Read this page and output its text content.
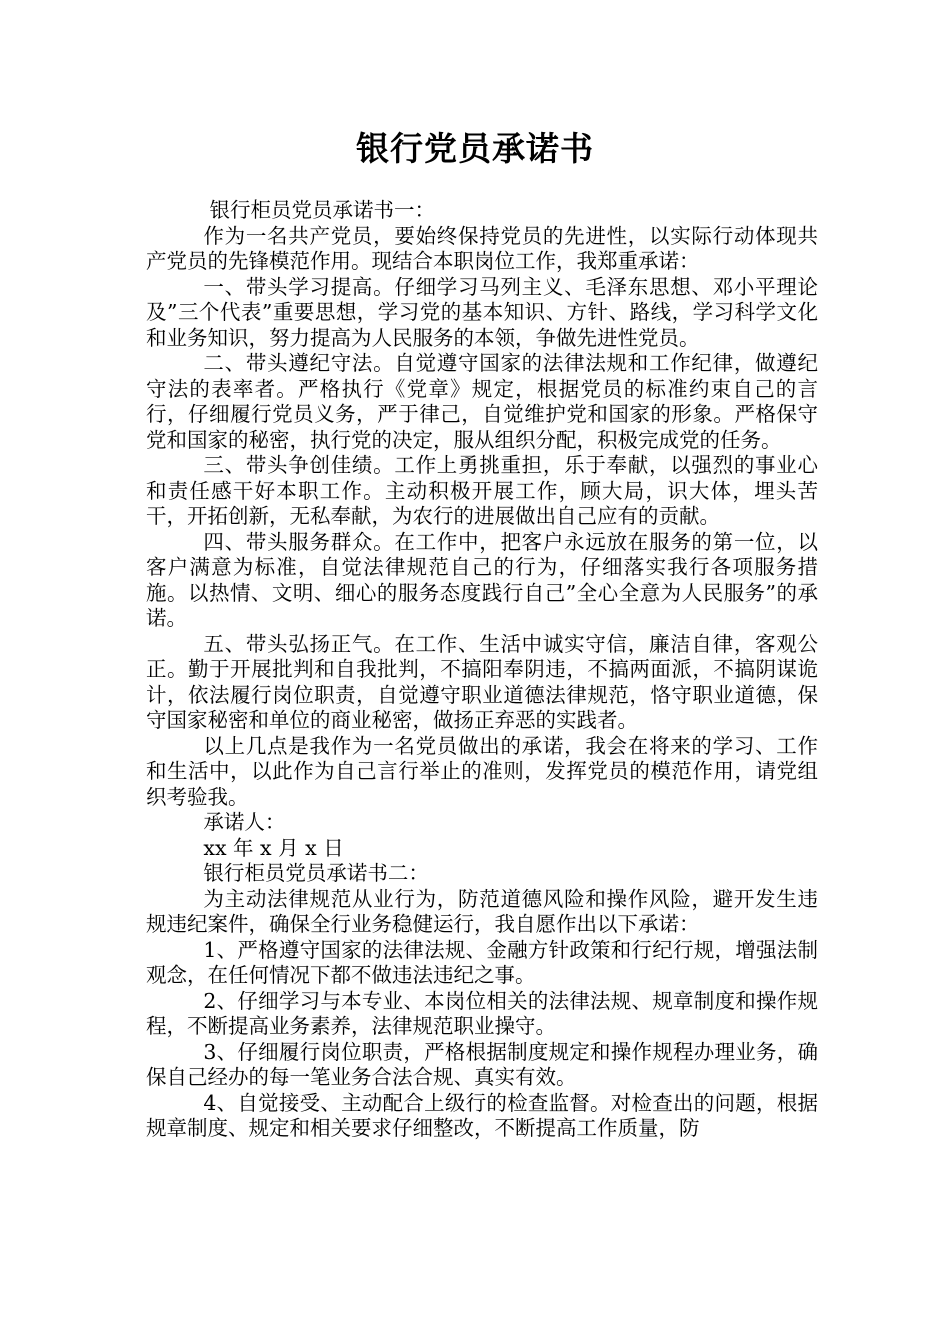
银行党员承诺书

银行柜员党员承诺书一：

作为一名共产党员，要始终保持党员的先进性，以实际行动体现共产党员的先锋模范作用。现结合本职岗位工作，我郑重承诺：

一、带头学习提高。仔细学习马列主义、毛泽东思想、邓小平理论及”三个代表”重要思想，学习党的基本知识、方针、路线，学习科学文化和业务知识，努力提高为人民服务的本领，争做先进性党员。

二、带头遵纪守法。自觉遵守国家的法律法规和工作纪律，做遵纪守法的表率者。严格执行《党章》规定，根据党员的标准约束自己的言行，仔细履行党员义务，严于律己，自觉维护党和国家的形象。严格保守党和国家的秘密，执行党的决定，服从组织分配，积极完成党的任务。

三、带头争创佳绩。工作上勇挑重担，乐于奉献，以强烈的事业心和责任感干好本职工作。主动积极开展工作，顾大局，识大体，埋头苦干，开拓创新，无私奉献，为农行的进展做出自己应有的贡献。

四、带头服务群众。在工作中，把客户永远放在服务的第一位，以客户满意为标准，自觉法律规范自己的行为，仔细落实我行各项服务措施。以热情、文明、细心的服务态度践行自己”全心全意为人民服务”的承诺。

五、带头弘扬正气。在工作、生活中诚实守信，廉洁自律，客观公正。勤于开展批判和自我批判，不搞阳奉阴违，不搞两面派，不搞阴谋诡计，依法履行岗位职责，自觉遵守职业道德法律规范，恪守职业道德，保守国家秘密和单位的商业秘密，做扬正弃恶的实践者。

以上几点是我作为一名党员做出的承诺，我会在将来的学习、工作和生活中，以此作为自己言行举止的准则，发挥党员的模范作用，请党组织考验我。

承诺人：

xx 年 x 月 x 日

银行柜员党员承诺书二：

为主动法律规范从业行为，防范道德风险和操作风险，避开发生违规违纪案件，确保全行业务稳健运行，我自愿作出以下承诺：

1、严格遵守国家的法律法规、金融方针政策和行纪行规，增强法制观念，在任何情况下都不做违法违纪之事。

2、仔细学习与本专业、本岗位相关的法律法规、规章制度和操作规程，不断提高业务素养，法律规范职业操守。

3、仔细履行岗位职责，严格根据制度规定和操作规程办理业务，确保自己经办的每一笔业务合法合规、真实有效。

4、自觉接受、主动配合上级行的检查监督。对检查出的问题，根据规章制度、规定和相关要求仔细整改，不断提高工作质量，防
